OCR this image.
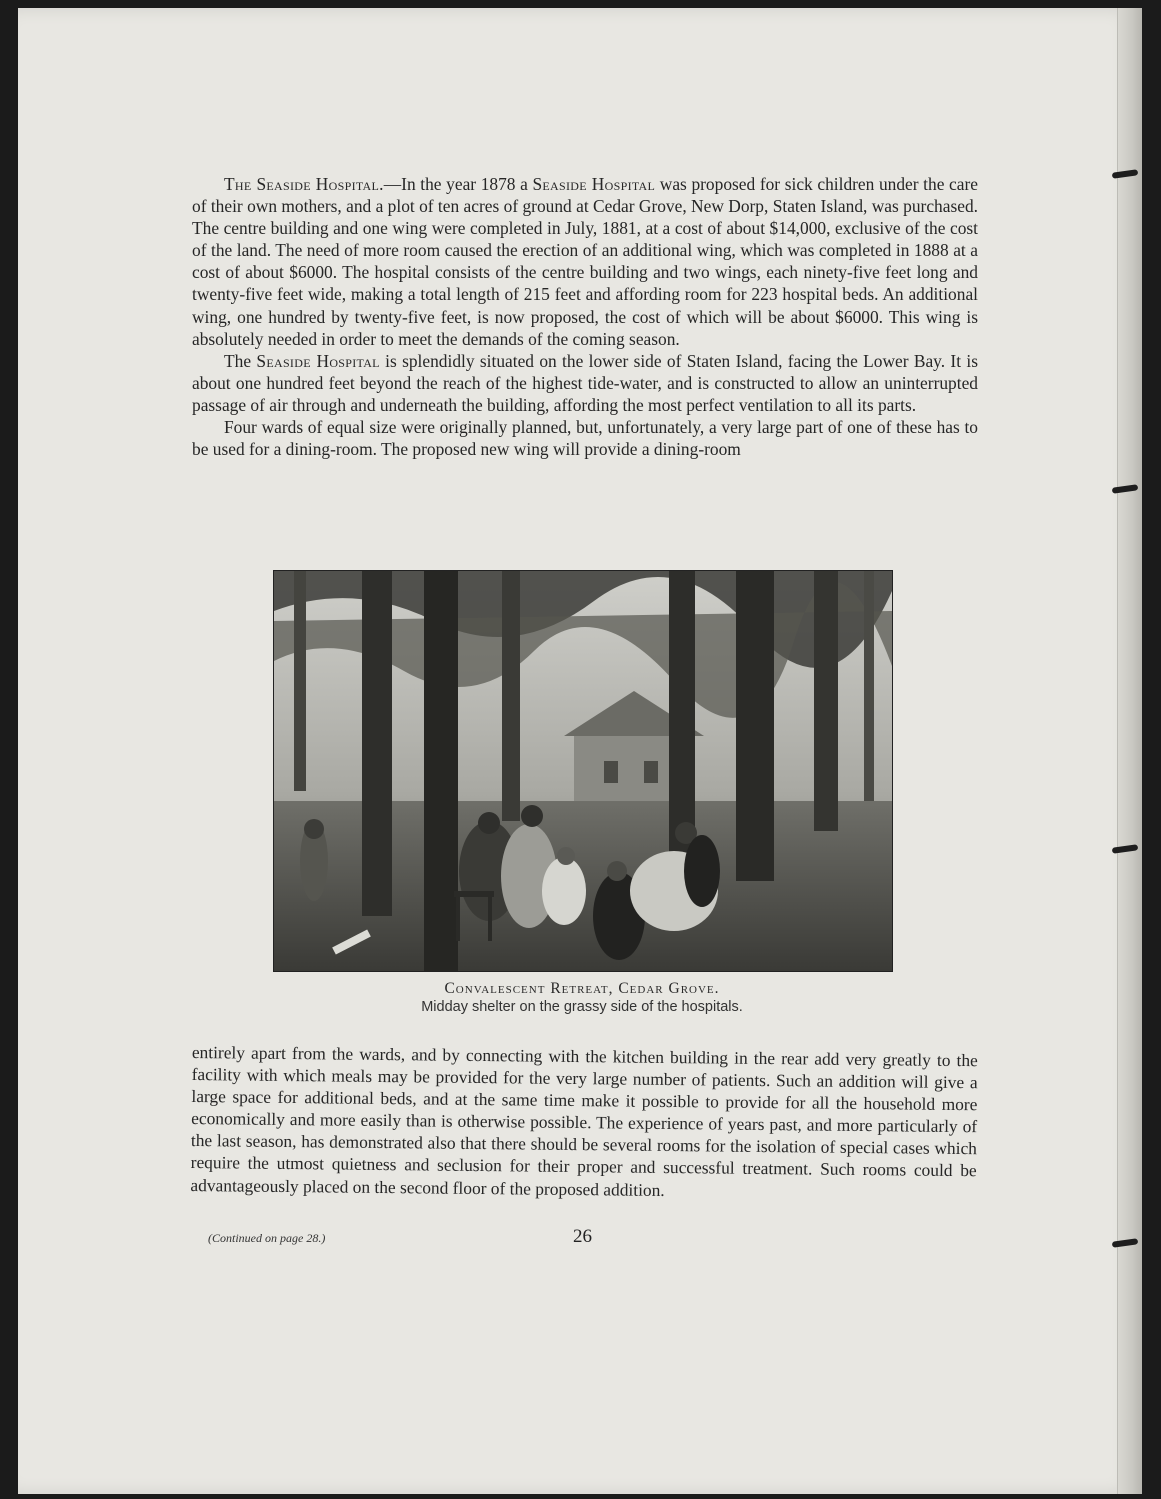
The Seaside Hospital.—In the year 1878 a Seaside Hospital was proposed for sick children under the care of their own mothers, and a plot of ten acres of ground at Cedar Grove, New Dorp, Staten Island, was purchased. The centre building and one wing were completed in July, 1881, at a cost of about $14,000, exclusive of the cost of the land. The need of more room caused the erection of an additional wing, which was completed in 1888 at a cost of about $6000. The hospital consists of the centre building and two wings, each ninety-five feet long and twenty-five feet wide, making a total length of 215 feet and affording room for 223 hospital beds. An additional wing, one hundred by twenty-five feet, is now proposed, the cost of which will be about $6000. This wing is absolutely needed in order to meet the demands of the coming season.

The Seaside Hospital is splendidly situated on the lower side of Staten Island, facing the Lower Bay. It is about one hundred feet beyond the reach of the highest tide-water, and is constructed to allow an uninterrupted passage of air through and underneath the building, affording the most perfect ventilation to all its parts.

Four wards of equal size were originally planned, but, unfortunately, a very large part of one of these has to be used for a dining-room. The proposed new wing will provide a dining-room

Convalescent Retreat, Cedar Grove.
Midday shelter on the grassy side of the hospitals.

entirely apart from the wards, and by connecting with the kitchen building in the rear add very greatly to the facility with which meals may be provided for the very large number of patients. Such an addition will give a large space for additional beds, and at the same time make it possible to provide for all the household more economically and more easily than is otherwise possible. The experience of years past, and more particularly of the last season, has demonstrated also that there should be several rooms for the isolation of special cases which require the utmost quietness and seclusion for their proper and successful treatment. Such rooms could be advantageously placed on the second floor of the proposed addition.

(Continued on page 28.)	26
